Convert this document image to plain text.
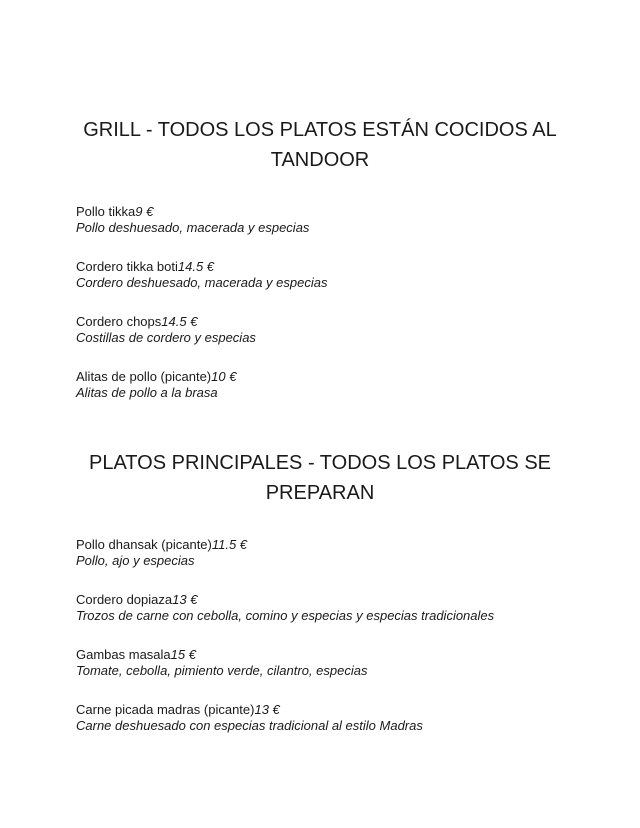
GRILL - TODOS LOS PLATOS ESTÁN COCIDOS AL TANDOOR
Pollo tikka9 €
Pollo deshuesado, macerada y especias
Cordero tikka boti14.5 €
Cordero deshuesado, macerada y especias
Cordero chops14.5 €
Costillas de cordero y especias
Alitas de pollo (picante)10 €
Alitas de pollo a la brasa
PLATOS PRINCIPALES - TODOS LOS PLATOS SE PREPARAN
Pollo dhansak (picante)11.5 €
Pollo, ajo y especias
Cordero dopiaza13 €
Trozos de carne con cebolla, comino y especias y especias tradicionales
Gambas masala15 €
Tomate, cebolla, pimiento verde, cilantro, especias
Carne picada madras (picante)13 €
Carne deshuesado con especias tradicional al estilo Madras
